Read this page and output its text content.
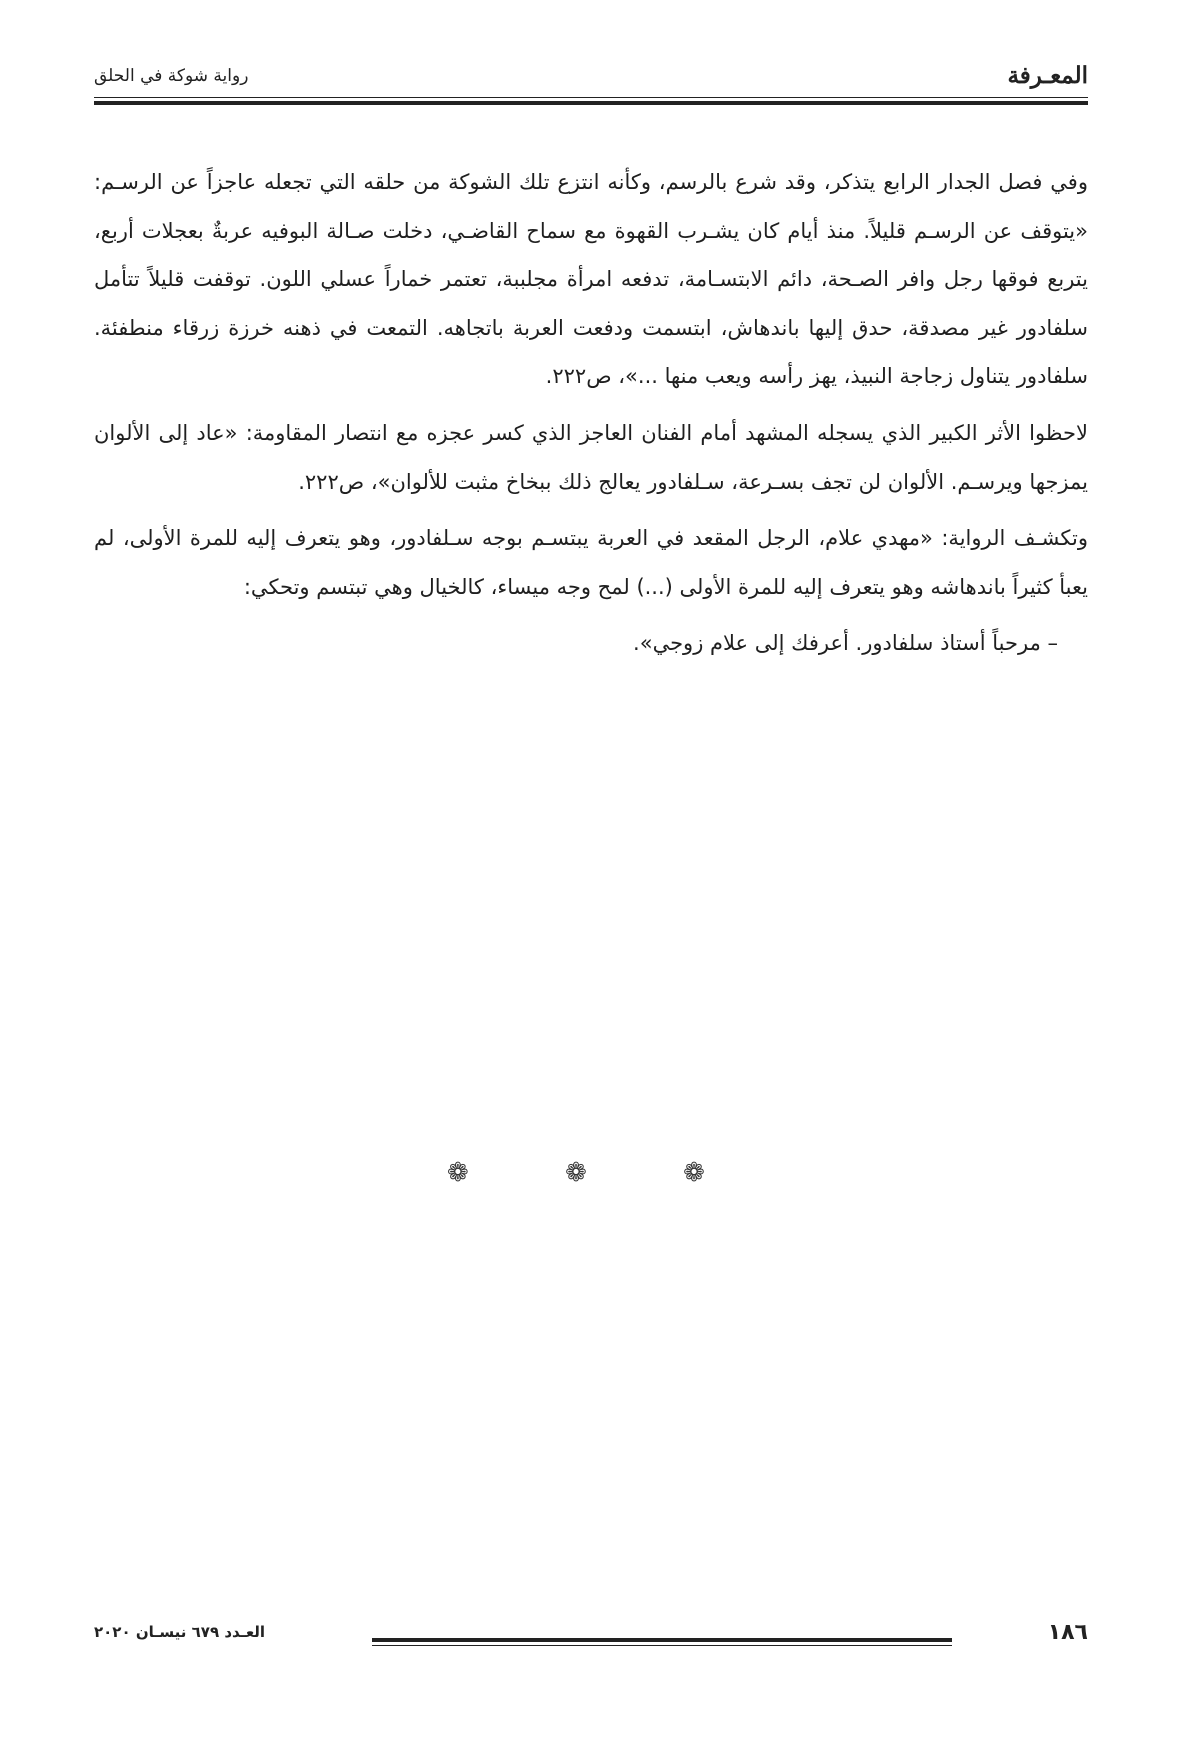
المعـرفة
رواية شوكة في الحلق

وفي فصل الجدار الرابع يتذكر، وقد شرع بالرسم، وكأنه انتزع تلك الشوكة من حلقه التي تجعله عاجزاً عن الرسـم: «يتوقف عن الرسـم قليلاً. منذ أيام كان يشـرب القهوة مع سماح القاضـي، دخلت صـالة البوفيه عربةٌ بعجلات أربع، يتربع فوقها رجل وافر الصـحة، دائم الابتسـامة، تدفعه امرأة مجلببة، تعتمر خماراً عسلي اللون. توقفت قليلاً تتأمل سلفادور غير مصدقة، حدق إليها باندهاش، ابتسمت ودفعت العربة باتجاهه. التمعت في ذهنه خرزة زرقاء منطفئة. سلفادور يتناول زجاجة النبيذ، يهز رأسه ويعب منها ...»، ص٢٢٢.

لاحظوا الأثر الكبير الذي يسجله المشهد أمام الفنان العاجز الذي كسر عجزه مع انتصار المقاومة: «عاد إلى الألوان يمزجها ويرسـم. الألوان لن تجف بسـرعة، سـلفادور يعالج ذلك ببخاخ مثبت للألوان»، ص٢٢٢.

وتكشـف الرواية: «مهدي علام، الرجل المقعد في العربة يبتسـم بوجه سـلفادور، وهو يتعرف إليه للمرة الأولى، لم يعبأ كثيراً باندهاشه وهو يتعرف إليه للمرة الأولى (...) لمح وجه ميساء، كالخيال وهي تبتسم وتحكي:

– مرحباً أستاذ سلفادور. أعرفك إلى علام زوجي».

❁	❁	❁
١٨٦
العـدد ٦٧٩ نيسـان ٢٠٢٠
